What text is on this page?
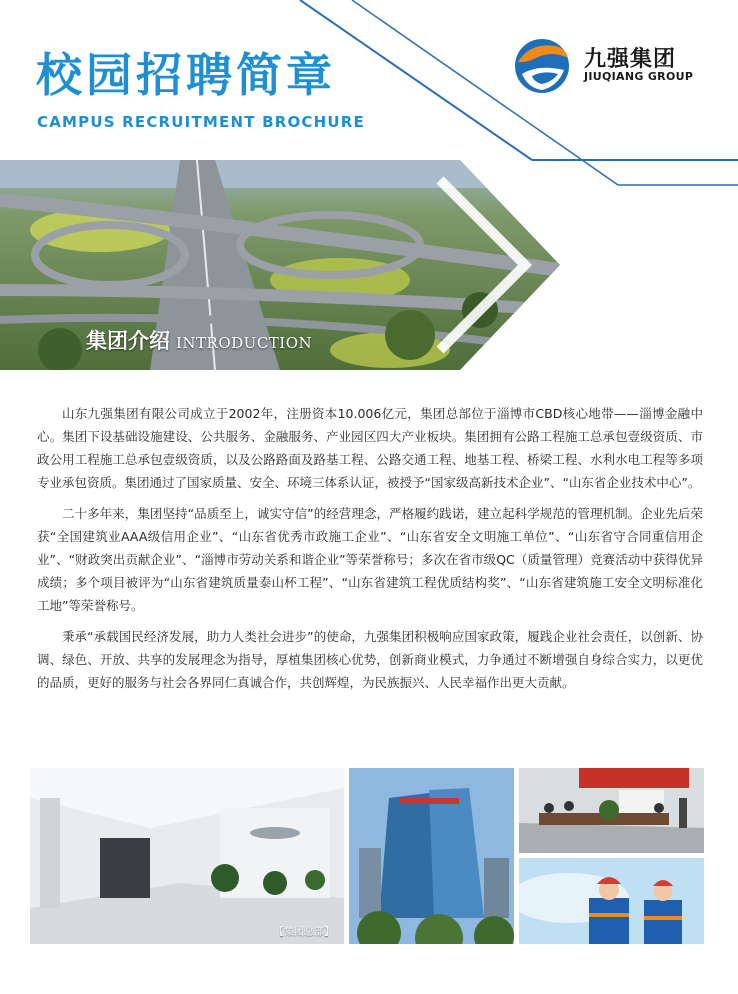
校园招聘简章
CAMPUS RECRUITMENT BROCHURE
九强集团
JIUQIANG GROUP
集团介绍 INTRODUCTION

山东九强集团有限公司成立于2002年，注册资本10.006亿元，集团总部位于淄博市CBD核心地带——淄博金融中心。集团下设基础设施建设、公共服务、金融服务、产业园区四大产业板块。集团拥有公路工程施工总承包壹级资质、市政公用工程施工总承包壹级资质，以及公路路面及路基工程、公路交通工程、地基工程、桥梁工程、水利水电工程等多项专业承包资质。集团通过了国家质量、安全、环境三体系认证，被授予“国家级高新技术企业”、“山东省企业技术中心”。

二十多年来，集团坚持“品质至上，诚实守信”的经营理念，严格履约践诺，建立起科学规范的管理机制。企业先后荣获“全国建筑业AAA级信用企业”、“山东省优秀市政施工企业”、“山东省安全文明施工单位”、“山东省守合同重信用企业”、“财政突出贡献企业”、“淄博市劳动关系和谐企业”等荣誉称号；多次在省市级QC（质量管理）竞赛活动中获得优异成绩；多个项目被评为“山东省建筑质量泰山杯工程”、“山东省建筑工程优质结构奖”、“山东省建筑施工安全文明标准化工地”等荣誉称号。

秉承“承载国民经济发展，助力人类社会进步”的使命，九强集团积极响应国家政策，履践企业社会责任，以创新、协调、绿色、开放、共享的发展理念为指导，厚植集团核心优势，创新商业模式，力争通过不断增强自身综合实力，以更优的品质，更好的服务与社会各界同仁真诚合作，共创辉煌，为民族振兴、人民幸福作出更大贡献。

【集团总部】
